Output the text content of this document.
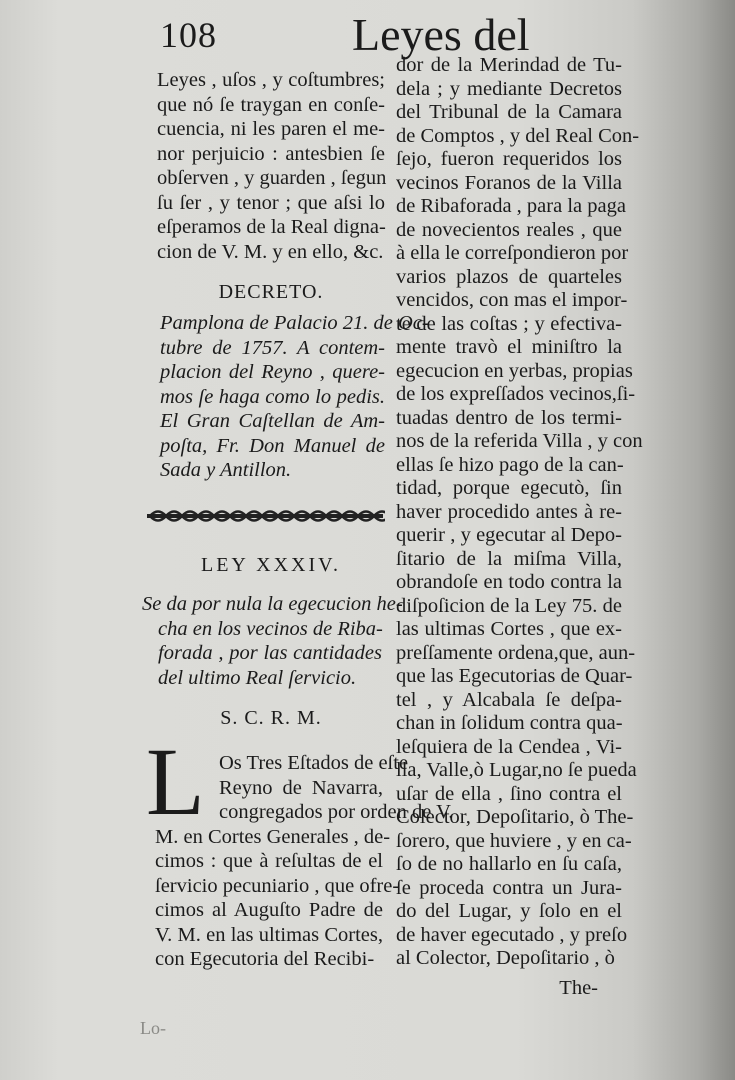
108	Leyes del
Leyes , uſos , y coſtumbres;
que nó ſe traygan en conſe-
cuencia, ni les paren el me-
nor perjuicio : antesbien ſe
obſerven , y guarden , ſegun
ſu ſer , y tenor ; que aſsi lo
eſperamos de la Real digna-
cion de V. M. y en ello, &c.
DECRETO.
Pamplona de Palacio 21. de Oc-
tubre de 1757. A contem-
placion del Reyno , quere-
mos ſe haga como lo pedis.
El Gran Caſtellan de Am-
poſta, Fr. Don Manuel de
Sada y Antillon.
LEY XXXIV.
Se da por nula la egecucion he-
cha en los vecinos de Riba-
forada , por las cantidades
del ultimo Real ſervicio.
S. C. R. M.
L Os Tres Eſtados de eſte
Reyno de Navarra,
congregados por orden de V.
M. en Cortes Generales , de-
cimos : que à reſultas de el
ſervicio pecuniario , que ofre-
cimos al Auguſto Padre de
V. M. en las ultimas Cortes,
con Egecutoria del Recibi-
Lo-
dor de la Merindad de Tu-
dela ; y mediante Decretos
del Tribunal de la Camara
de Comptos , y del Real Con-
ſejo, fueron requeridos los
vecinos Foranos de la Villa
de Ribaforada , para la paga
de novecientos reales , que
à ella le correſpondieron por
varios plazos de quarteles
vencidos, con mas el impor-
te de las coſtas ; y efectiva-
mente travò el miniſtro la
egecucion en yerbas, propias
de los expreſſados vecinos,ſi-
tuadas dentro de los termi-
nos de la referida Villa , y con
ellas ſe hizo pago de la can-
tidad, porque egecutò, ſin
haver procedido antes à re-
querir , y egecutar al Depo-
ſitario de la miſma Villa,
obrandoſe en todo contra la
diſpoſicion de la Ley 75. de
las ultimas Cortes , que ex-
preſſamente ordena,que, aun-
que las Egecutorias de Quar-
tel , y Alcabala ſe deſpa-
chan in ſolidum contra qua-
leſquiera de la Cendea , Vi-
lla, Valle,ò Lugar,no ſe pueda
uſar de ella , ſino contra el
Colector, Depoſitario, ò The-
ſorero, que huviere , y en ca-
ſo de no hallarlo en ſu caſa,
ſe proceda contra un Jura-
do del Lugar, y ſolo en el
de haver egecutado , y preſo
al Colector, Depoſitario , ò
The-
